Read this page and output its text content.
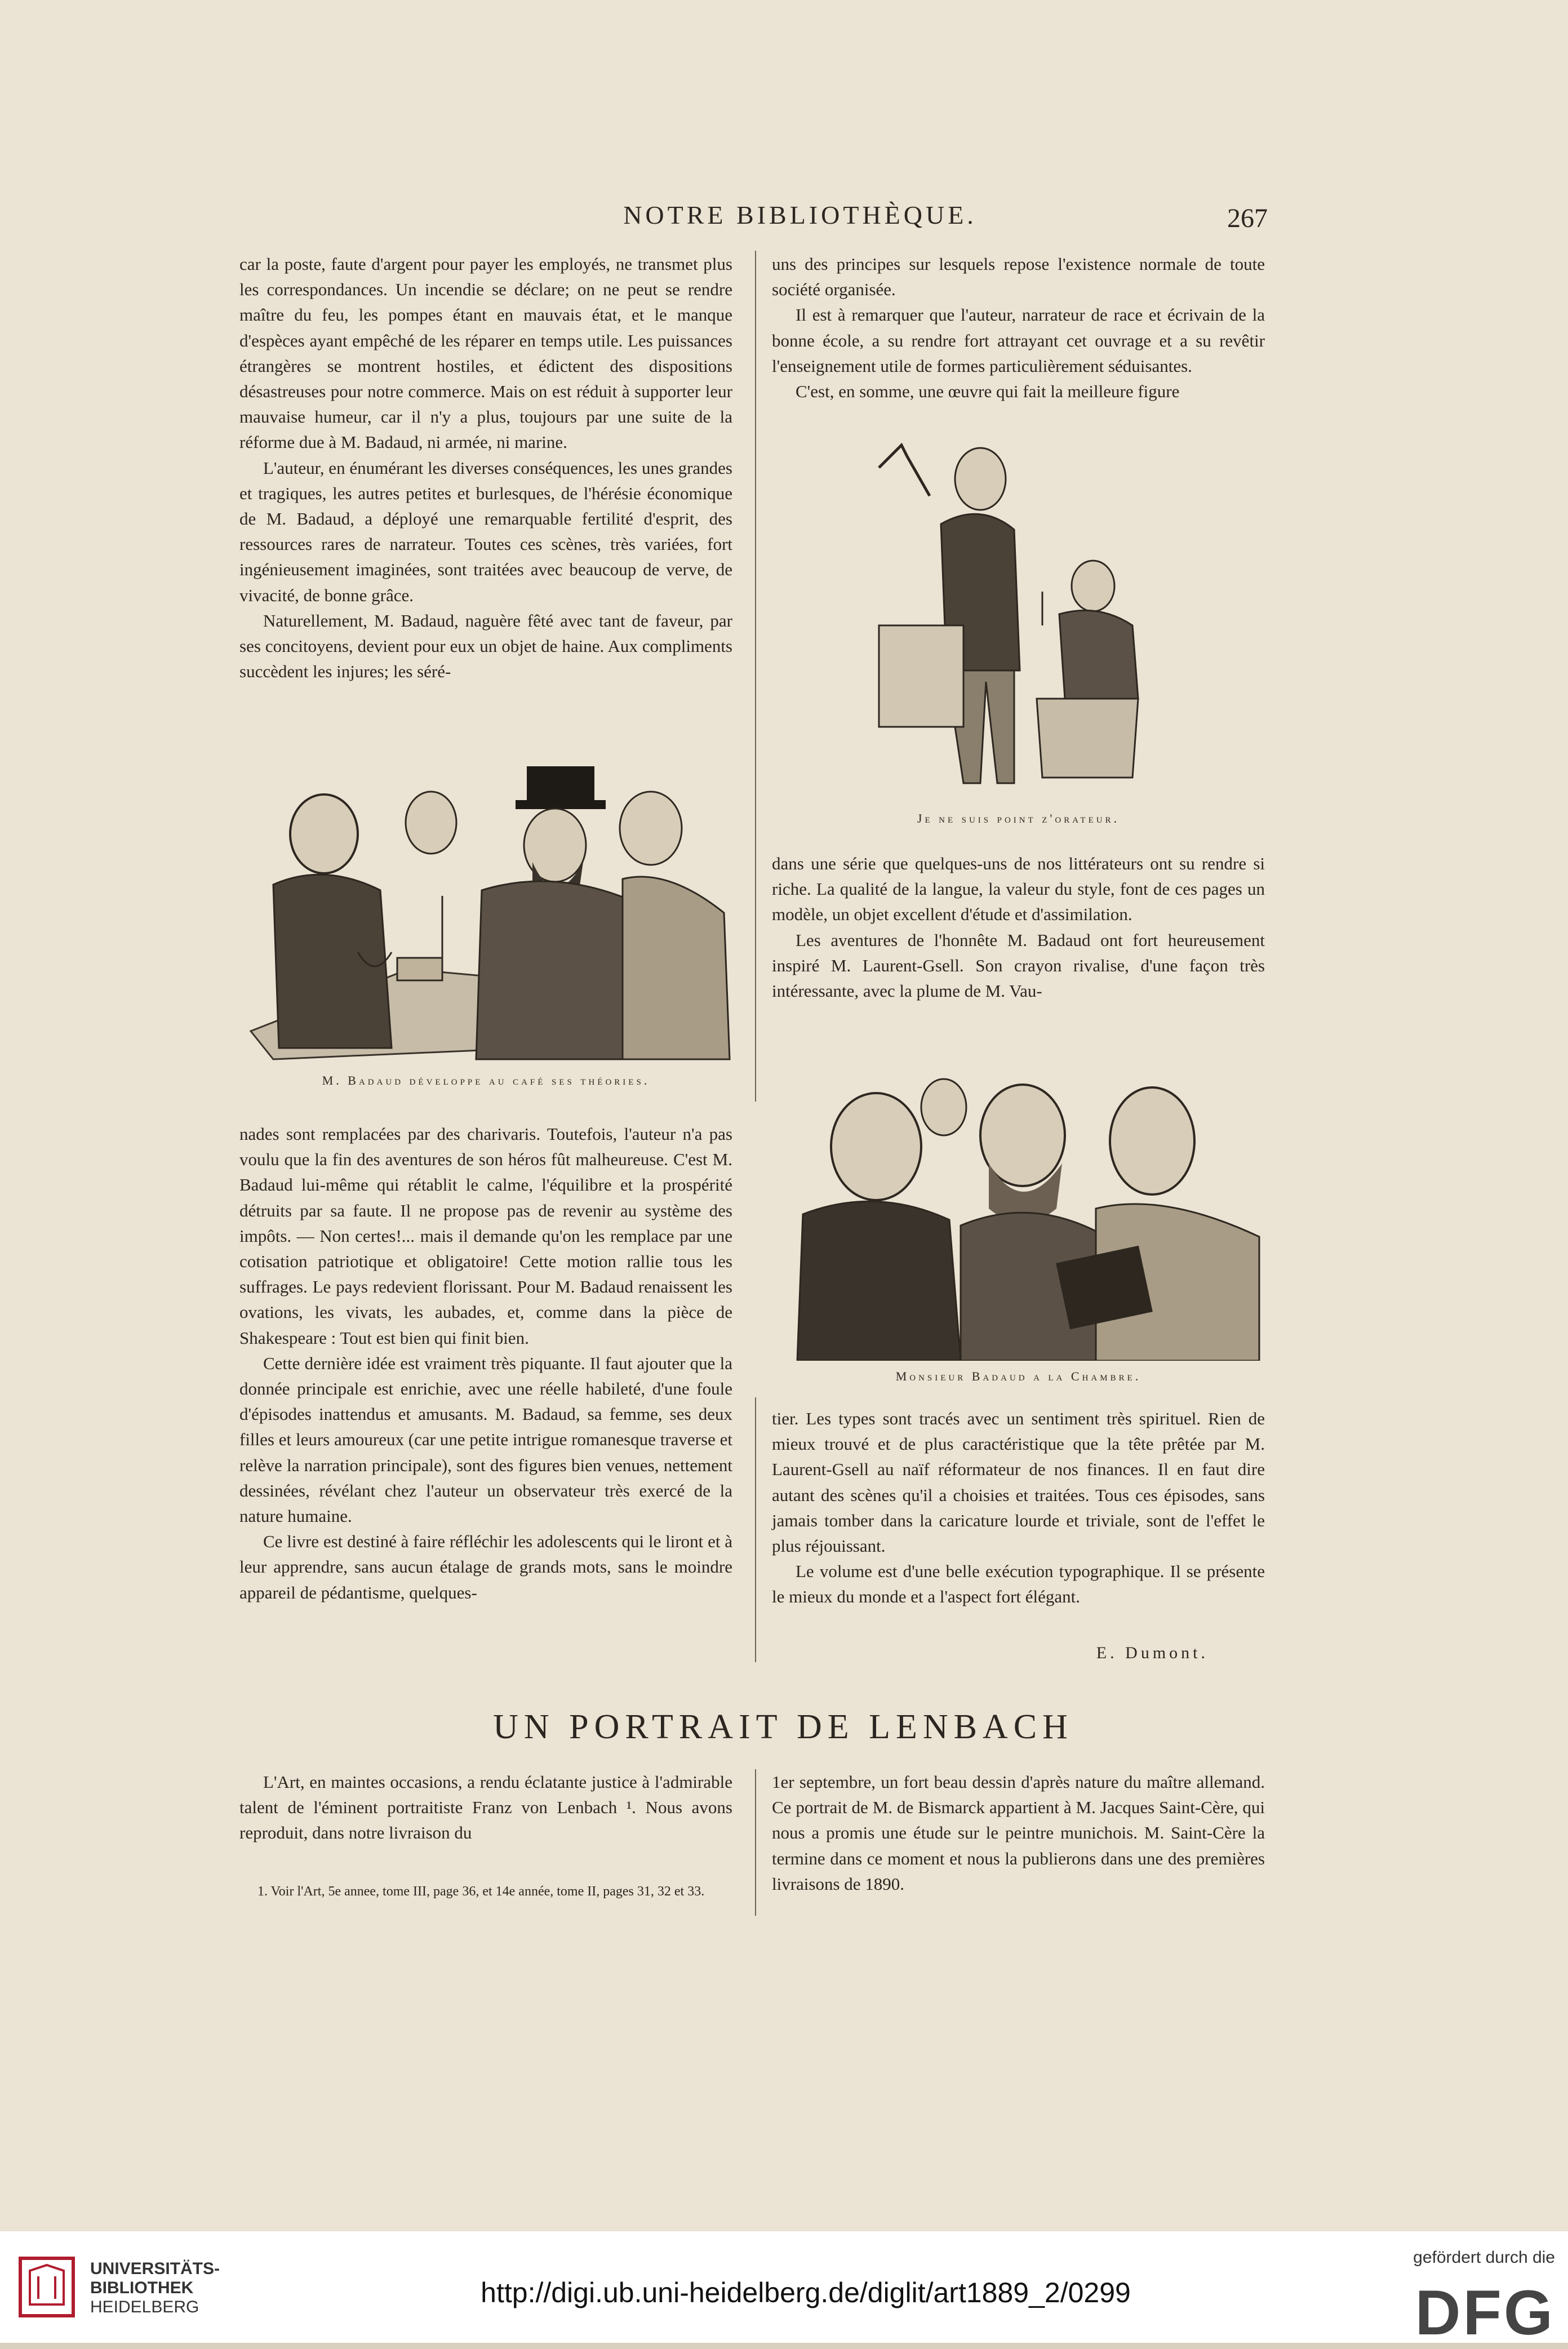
NOTRE BIBLIOTHÈQUE.	267

car la poste, faute d'argent pour payer les employés, ne transmet plus les correspondances. Un incendie se déclare; on ne peut se rendre maître du feu, les pompes étant en mauvais état, et le manque d'espèces ayant empêché de les réparer en temps utile. Les puissances étrangères se montrent hostiles, et édictent des dispositions désastreuses pour notre commerce. Mais on est réduit à supporter leur mauvaise humeur, car il n'y a plus, toujours par une suite de la réforme due à M. Badaud, ni armée, ni marine.

L'auteur, en énumérant les diverses conséquences, les unes grandes et tragiques, les autres petites et burlesques, de l'hérésie économique de M. Badaud, a déployé une remarquable fertilité d'esprit, des ressources rares de narrateur. Toutes ces scènes, très variées, fort ingénieusement imaginées, sont traitées avec beaucoup de verve, de vivacité, de bonne grâce.

Naturellement, M. Badaud, naguère fêté avec tant de faveur, par ses concitoyens, devient pour eux un objet de haine. Aux compliments succèdent les injures; les séré-

M. Badaud développe au café ses théories.

nades sont remplacées par des charivaris. Toutefois, l'auteur n'a pas voulu que la fin des aventures de son héros fût malheureuse. C'est M. Badaud lui-même qui rétablit le calme, l'équilibre et la prospérité détruits par sa faute. Il ne propose pas de revenir au système des impôts. — Non certes!... mais il demande qu'on les remplace par une cotisation patriotique et obligatoire! Cette motion rallie tous les suffrages. Le pays redevient florissant. Pour M. Badaud renaissent les ovations, les vivats, les aubades, et, comme dans la pièce de Shakespeare : Tout est bien qui finit bien.

Cette dernière idée est vraiment très piquante. Il faut ajouter que la donnée principale est enrichie, avec une réelle habileté, d'une foule d'épisodes inattendus et amusants. M. Badaud, sa femme, ses deux filles et leurs amoureux (car une petite intrigue romanesque traverse et relève la narration principale), sont des figures bien venues, nettement dessinées, révélant chez l'auteur un observateur très exercé de la nature humaine.

Ce livre est destiné à faire réfléchir les adolescents qui le liront et à leur apprendre, sans aucun étalage de grands mots, sans le moindre appareil de pédantisme, quelques-

uns des principes sur lesquels repose l'existence normale de toute société organisée.

Il est à remarquer que l'auteur, narrateur de race et écrivain de la bonne école, a su rendre fort attrayant cet ouvrage et a su revêtir l'enseignement utile de formes particulièrement séduisantes.

C'est, en somme, une œuvre qui fait la meilleure figure

Je ne suis point z'orateur.

dans une série que quelques-uns de nos littérateurs ont su rendre si riche. La qualité de la langue, la valeur du style, font de ces pages un modèle, un objet excellent d'étude et d'assimilation.

Les aventures de l'honnête M. Badaud ont fort heureusement inspiré M. Laurent-Gsell. Son crayon rivalise, d'une façon très intéressante, avec la plume de M. Vau-

Monsieur Badaud a la Chambre.

tier. Les types sont tracés avec un sentiment très spirituel. Rien de mieux trouvé et de plus caractéristique que la tête prêtée par M. Laurent-Gsell au naïf réformateur de nos finances. Il en faut dire autant des scènes qu'il a choisies et traitées. Tous ces épisodes, sans jamais tomber dans la caricature lourde et triviale, sont de l'effet le plus réjouissant.

Le volume est d'une belle exécution typographique. Il se présente le mieux du monde et a l'aspect fort élégant.

E. Dumont.
UN PORTRAIT DE LENBACH

L'Art, en maintes occasions, a rendu éclatante justice à l'admirable talent de l'éminent portraitiste Franz von Lenbach ¹. Nous avons reproduit, dans notre livraison du

1. Voir l'Art, 5e annee, tome III, page 36, et 14e année, tome II, pages 31, 32 et 33.

1er septembre, un fort beau dessin d'après nature du maître allemand. Ce portrait de M. de Bismarck appartient à M. Jacques Saint-Cère, qui nous a promis une étude sur le peintre munichois. M. Saint-Cère la termine dans ce moment et nous la publierons dans une des premières livraisons de 1890.

UNIVERSITÄTS-
BIBLIOTHEK
HEIDELBERG	http://digi.ub.uni-heidelberg.de/diglit/art1889_2/0299
gefördert durch die
DFG
